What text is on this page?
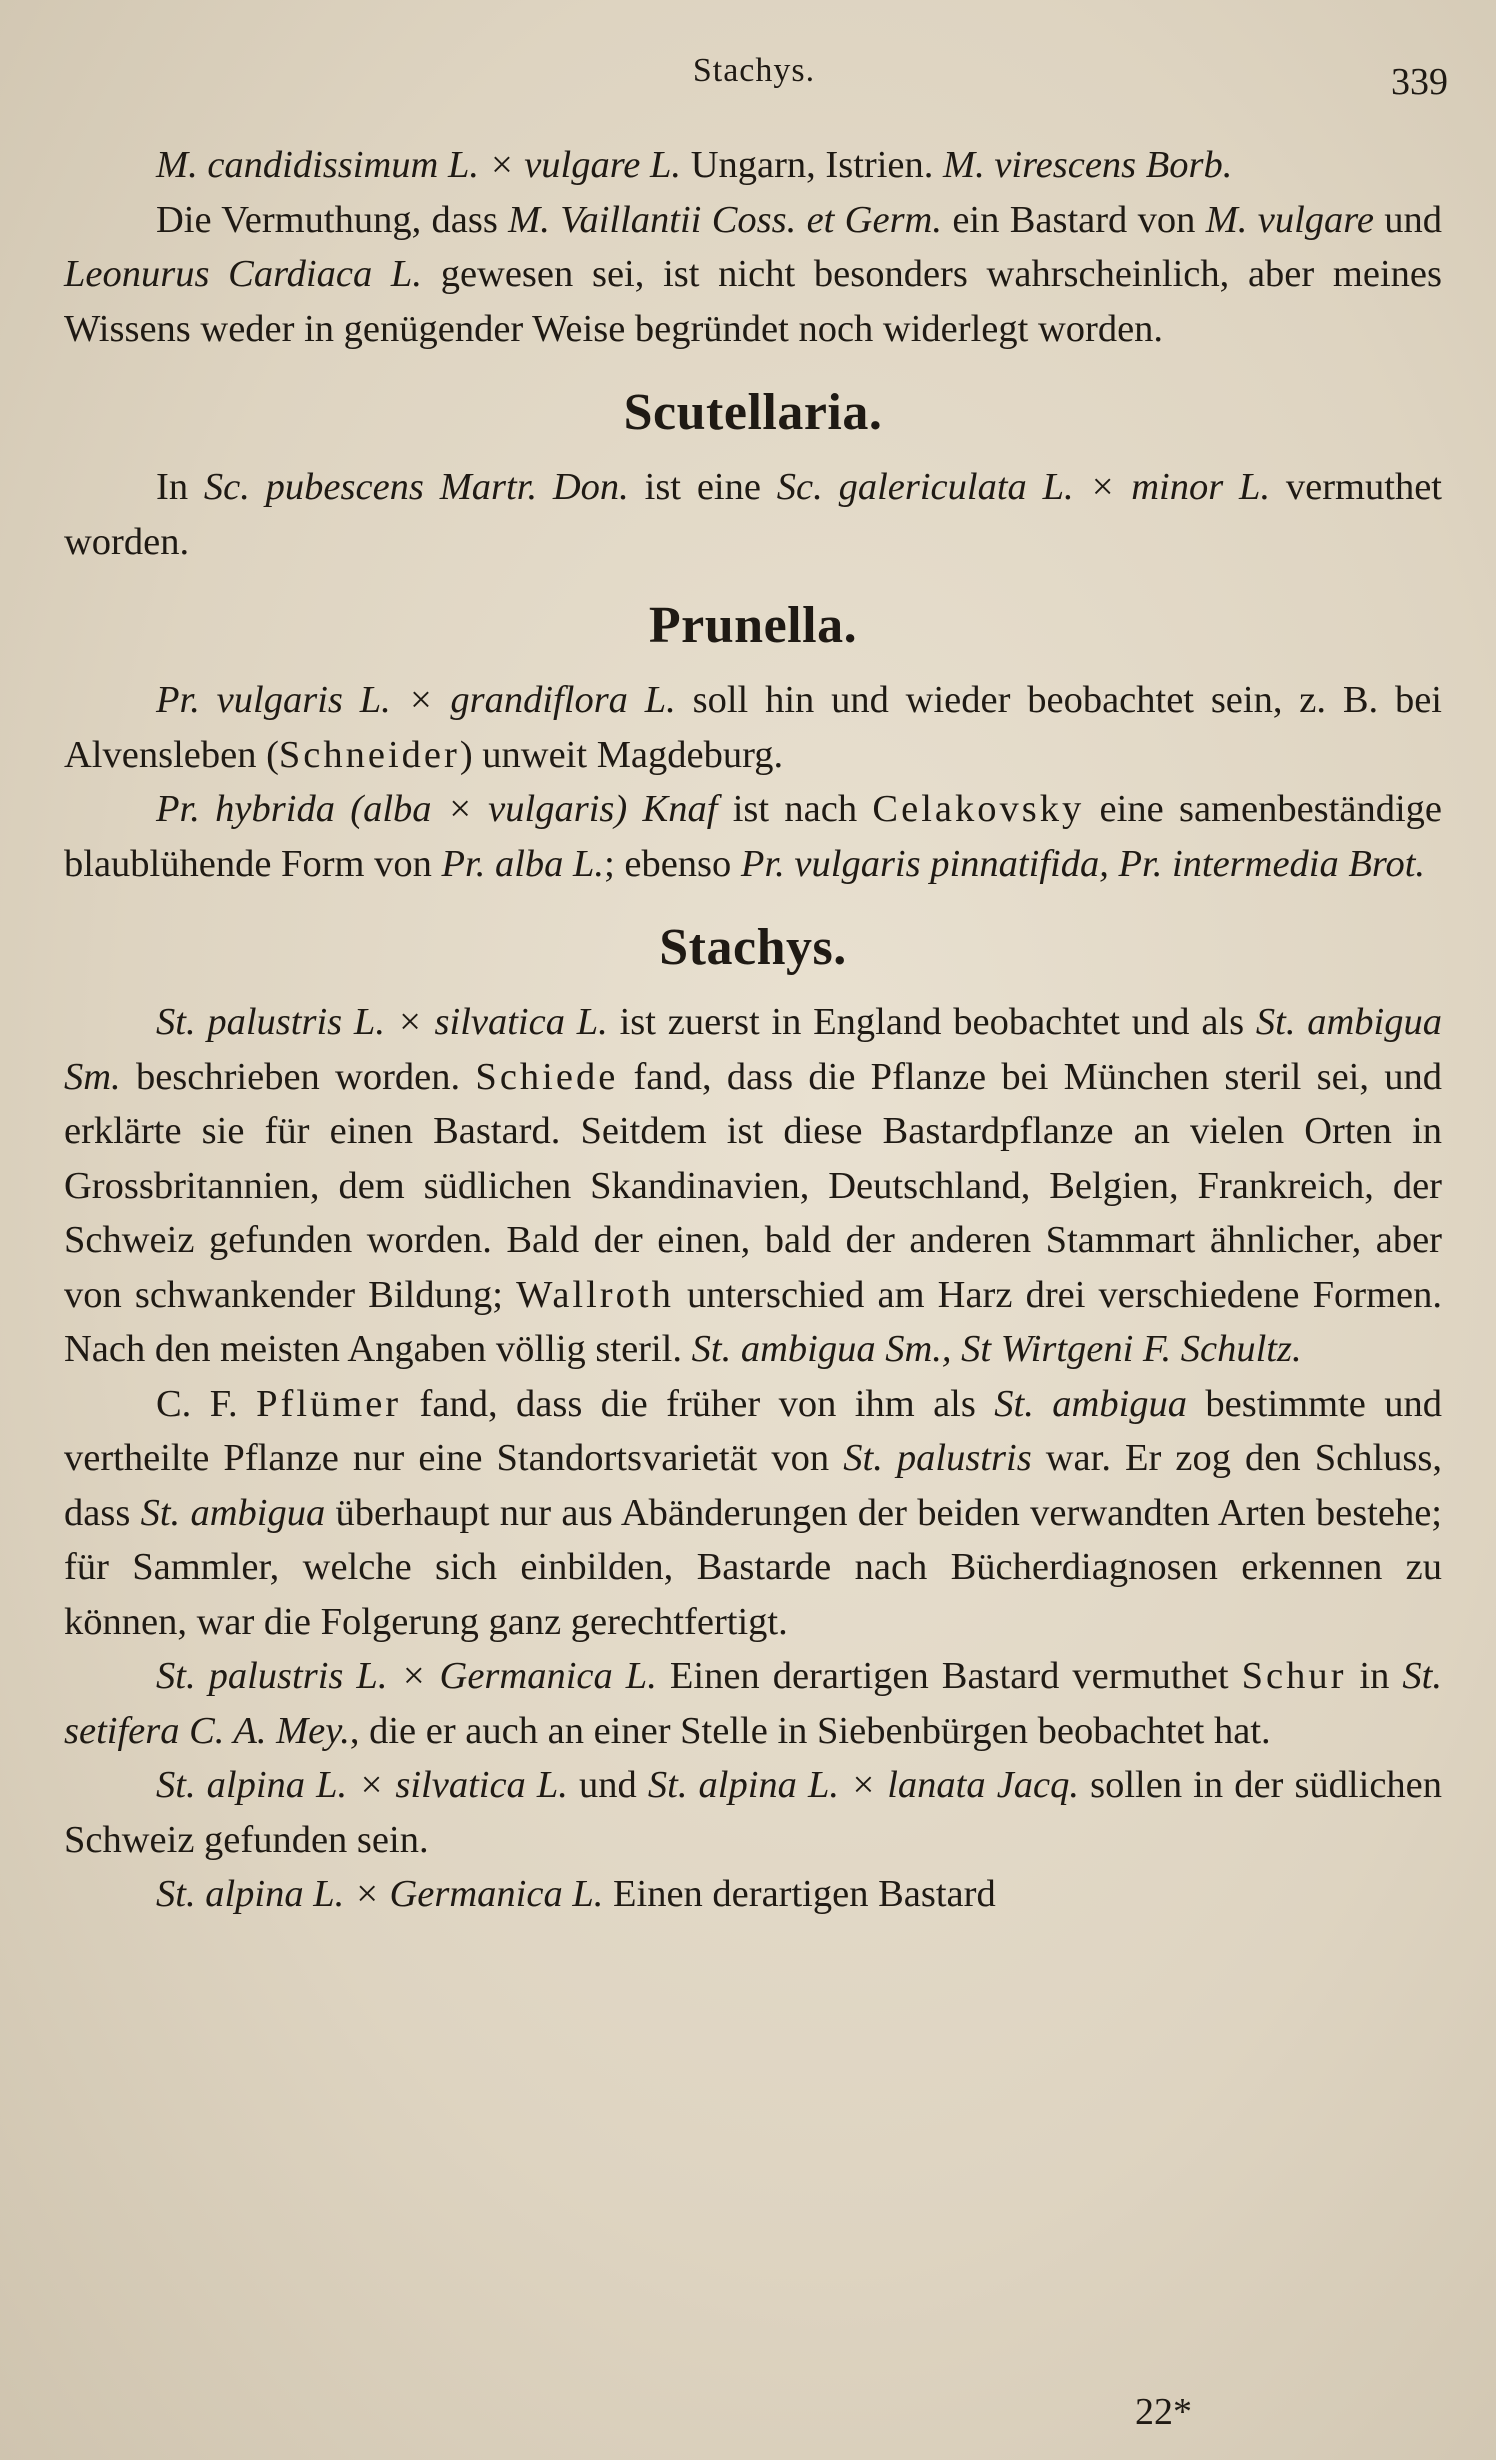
Stachys.	339

M. candidissimum L. × vulgare L. Ungarn, Istrien. M. virescens Borb.

Die Vermuthung, dass M. Vaillantii Coss. et Germ. ein Bastard von M. vulgare und Leonurus Cardiaca L. gewesen sei, ist nicht besonders wahrscheinlich, aber meines Wissens weder in genügender Weise begründet noch widerlegt worden.

Scutellaria.

In Sc. pubescens Martr. Don. ist eine Sc. galericulata L. × minor L. vermuthet worden.

Prunella.

Pr. vulgaris L. × grandiflora L. soll hin und wieder beobachtet sein, z. B. bei Alvensleben (Schneider) unweit Magdeburg.

Pr. hybrida (alba × vulgaris) Knaf ist nach Celakovsky eine samenbeständige blaublühende Form von Pr. alba L.; ebenso Pr. vulgaris pinnatifida, Pr. intermedia Brot.

Stachys.

St. palustris L. × silvatica L. ist zuerst in England beobachtet und als St. ambigua Sm. beschrieben worden. Schiede fand, dass die Pflanze bei München steril sei, und erklärte sie für einen Bastard. Seitdem ist diese Bastardpflanze an vielen Orten in Grossbritannien, dem südlichen Skandinavien, Deutschland, Belgien, Frankreich, der Schweiz gefunden worden. Bald der einen, bald der anderen Stammart ähnlicher, aber von schwankender Bildung; Wallroth unterschied am Harz drei verschiedene Formen. Nach den meisten Angaben völlig steril. St. ambigua Sm., St Wirtgeni F. Schultz.

C. F. Pflümer fand, dass die früher von ihm als St. ambigua bestimmte und vertheilte Pflanze nur eine Standortsvarietät von St. palustris war. Er zog den Schluss, dass St. ambigua überhaupt nur aus Abänderungen der beiden verwandten Arten bestehe; für Sammler, welche sich einbilden, Bastarde nach Bücherdiagnosen erkennen zu können, war die Folgerung ganz gerechtfertigt.

St. palustris L. × Germanica L. Einen derartigen Bastard vermuthet Schur in St. setifera C. A. Mey., die er auch an einer Stelle in Siebenbürgen beobachtet hat.

St. alpina L. × silvatica L. und St. alpina L. × lanata Jacq. sollen in der südlichen Schweiz gefunden sein.

St. alpina L. × Germanica L. Einen derartigen Bastard

22*
